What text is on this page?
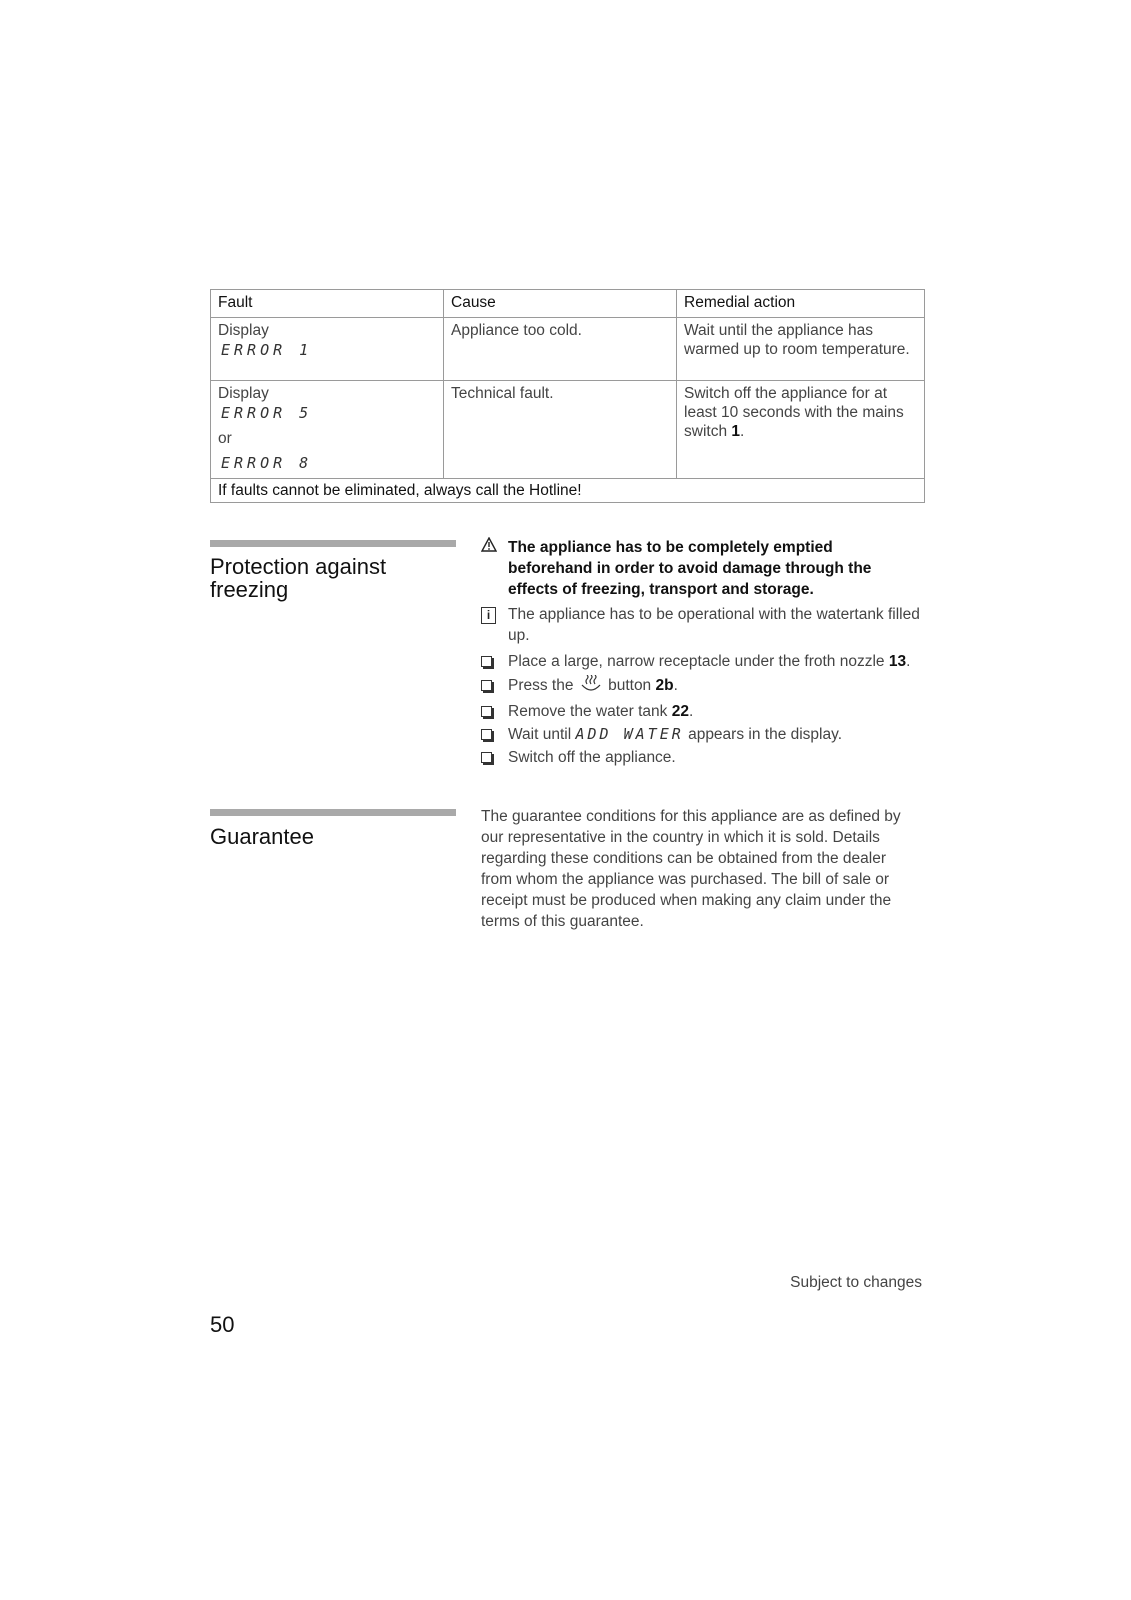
Fault	Cause	Remedial action
Display
ERROR 1	Appliance too cold.	Wait until the appliance has warmed up to room temperature.
Display
ERROR 5
or
ERROR 8	Technical fault.	Switch off the appliance for at least 10 seconds with the mains switch 1.
If faults cannot be eliminated, always call the Hotline!		
Protection against freezing
The appliance has to be completely emptied beforehand in order to avoid damage through the effects of freezing, transport and storage.
i	The appliance has to be operational with the watertank filled up.
Place a large, narrow receptacle under the froth nozzle 13.
Press the  button 2b.
Remove the water tank 22.
Wait until ADD WATER appears in the display.
Switch off the appliance.
Guarantee
The guarantee conditions for this appliance are as defined by our representative in the country in which it is sold. Details regarding these conditions can be obtained from the dealer from whom the appliance was purchased. The bill of sale or receipt must be produced when making any claim under the terms of this guarantee.
Subject to changes
50
